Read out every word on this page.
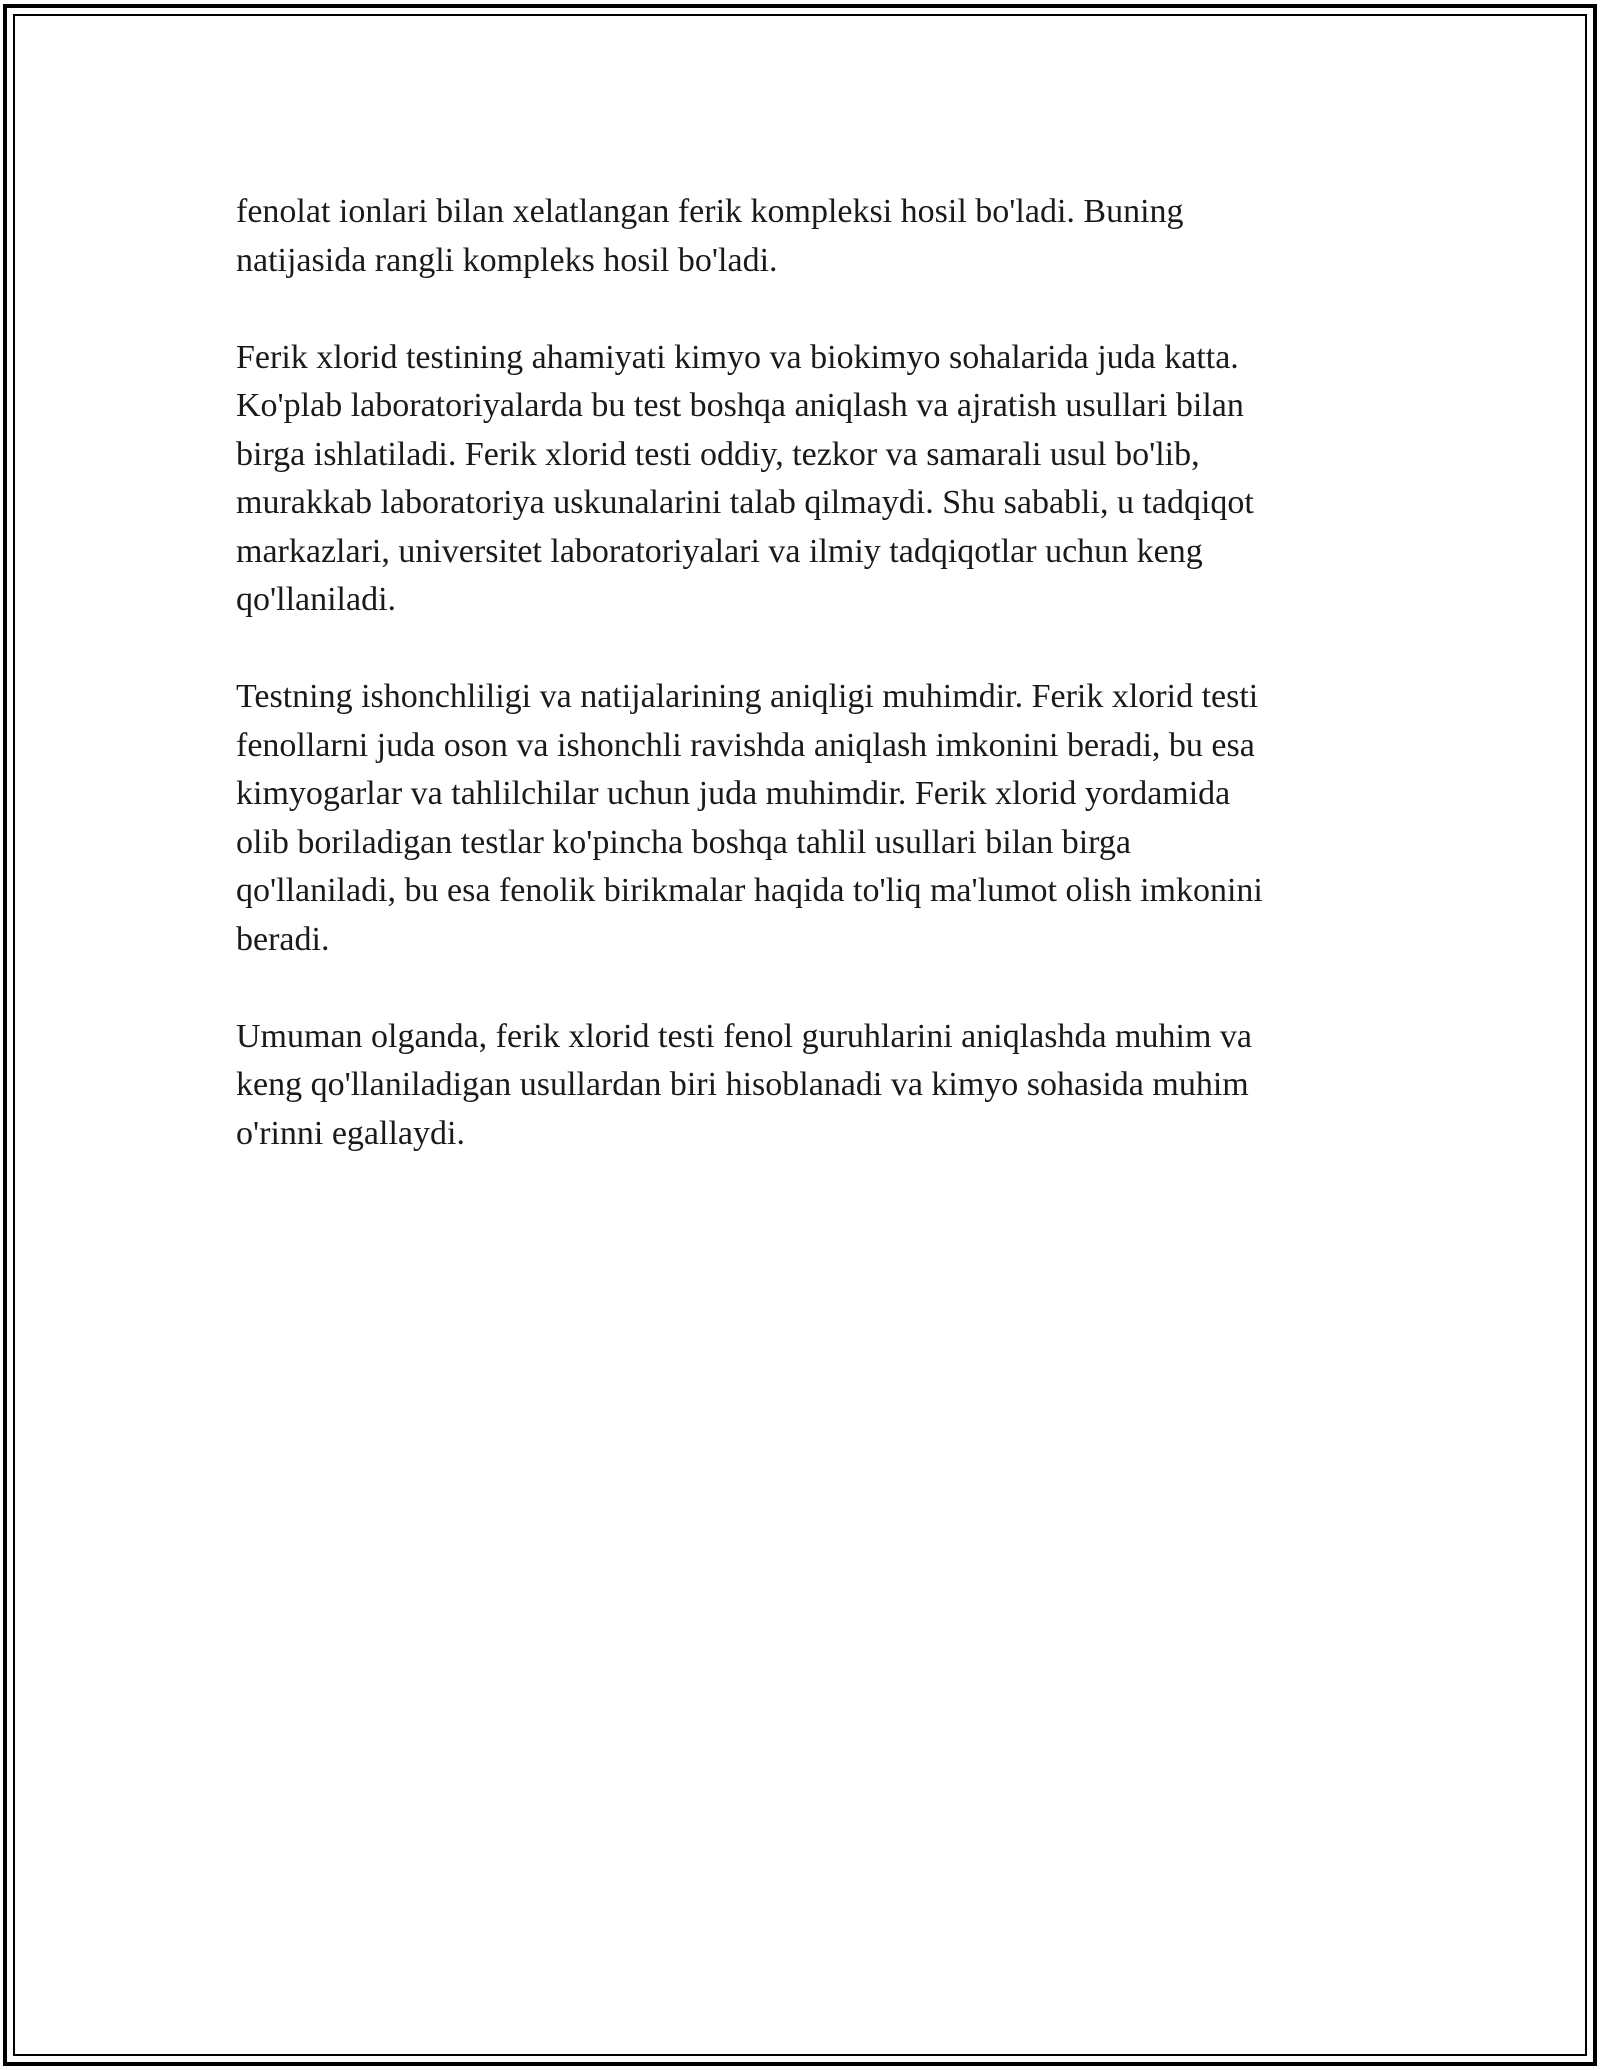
fenolat ionlari bilan xelatlangan ferik kompleksi hosil bo'ladi. Buning
natijasida rangli kompleks hosil bo'ladi.

Ferik xlorid testining ahamiyati kimyo va biokimyo sohalarida juda katta.
Ko'plab laboratoriyalarda bu test boshqa aniqlash va ajratish usullari bilan
birga ishlatiladi. Ferik xlorid testi oddiy, tezkor va samarali usul bo'lib,
murakkab laboratoriya uskunalarini talab qilmaydi. Shu sababli, u tadqiqot
markazlari, universitet laboratoriyalari va ilmiy tadqiqotlar uchun keng
qo'llaniladi.

Testning ishonchliligi va natijalarining aniqligi muhimdir. Ferik xlorid testi
fenollarni juda oson va ishonchli ravishda aniqlash imkonini beradi, bu esa
kimyogarlar va tahlilchilar uchun juda muhimdir. Ferik xlorid yordamida
olib boriladigan testlar ko'pincha boshqa tahlil usullari bilan birga
qo'llaniladi, bu esa fenolik birikmalar haqida to'liq ma'lumot olish imkonini
beradi.

Umuman olganda, ferik xlorid testi fenol guruhlarini aniqlashda muhim va
keng qo'llaniladigan usullardan biri hisoblanadi va kimyo sohasida muhim
o'rinni egallaydi.
